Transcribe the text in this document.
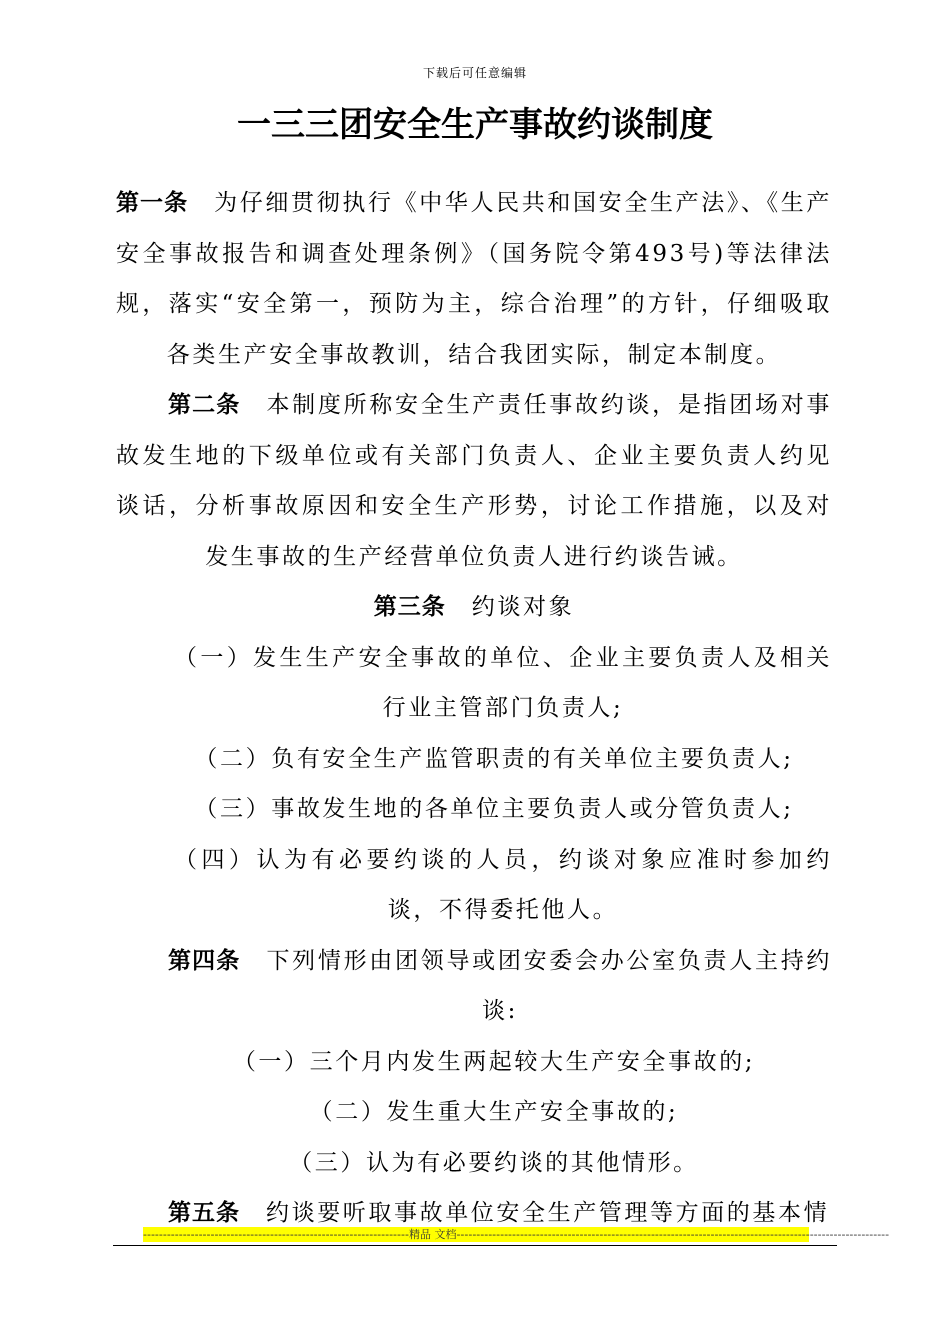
下载后可任意编辑
一三三团安全生产事故约谈制度

第一条 为仔细贯彻执行《中华人民共和国安全生产法》、《生产安全事故报告和调查处理条例》（国务院令第493号)等法律法规，落实“安全第一，预防为主，综合治理”的方针，仔细吸取各类生产安全事故教训，结合我团实际，制定本制度。

第二条 本制度所称安全生产责任事故约谈，是指团场对事故发生地的下级单位或有关部门负责人、企业主要负责人约见谈话，分析事故原因和安全生产形势，讨论工作措施，以及对发生事故的生产经营单位负责人进行约谈告诫。

第三条 约谈对象

（一）发生生产安全事故的单位、企业主要负责人及相关行业主管部门负责人;

（二）负有安全生产监管职责的有关单位主要负责人;

（三）事故发生地的各单位主要负责人或分管负责人;

（四）认为有必要约谈的人员，约谈对象应准时参加约谈，不得委托他人。

第四条 下列情形由团领导或团安委会办公室负责人主持约谈:

（一）三个月内发生两起较大生产安全事故的;

（二）发生重大生产安全事故的;

（三）认为有必要约谈的其他情形。

第五条 约谈要听取事故单位安全生产管理等方面的基本情

-------------------------------------------------------------------精品 文档-------------------------------------------------------------------------------------------------------------
